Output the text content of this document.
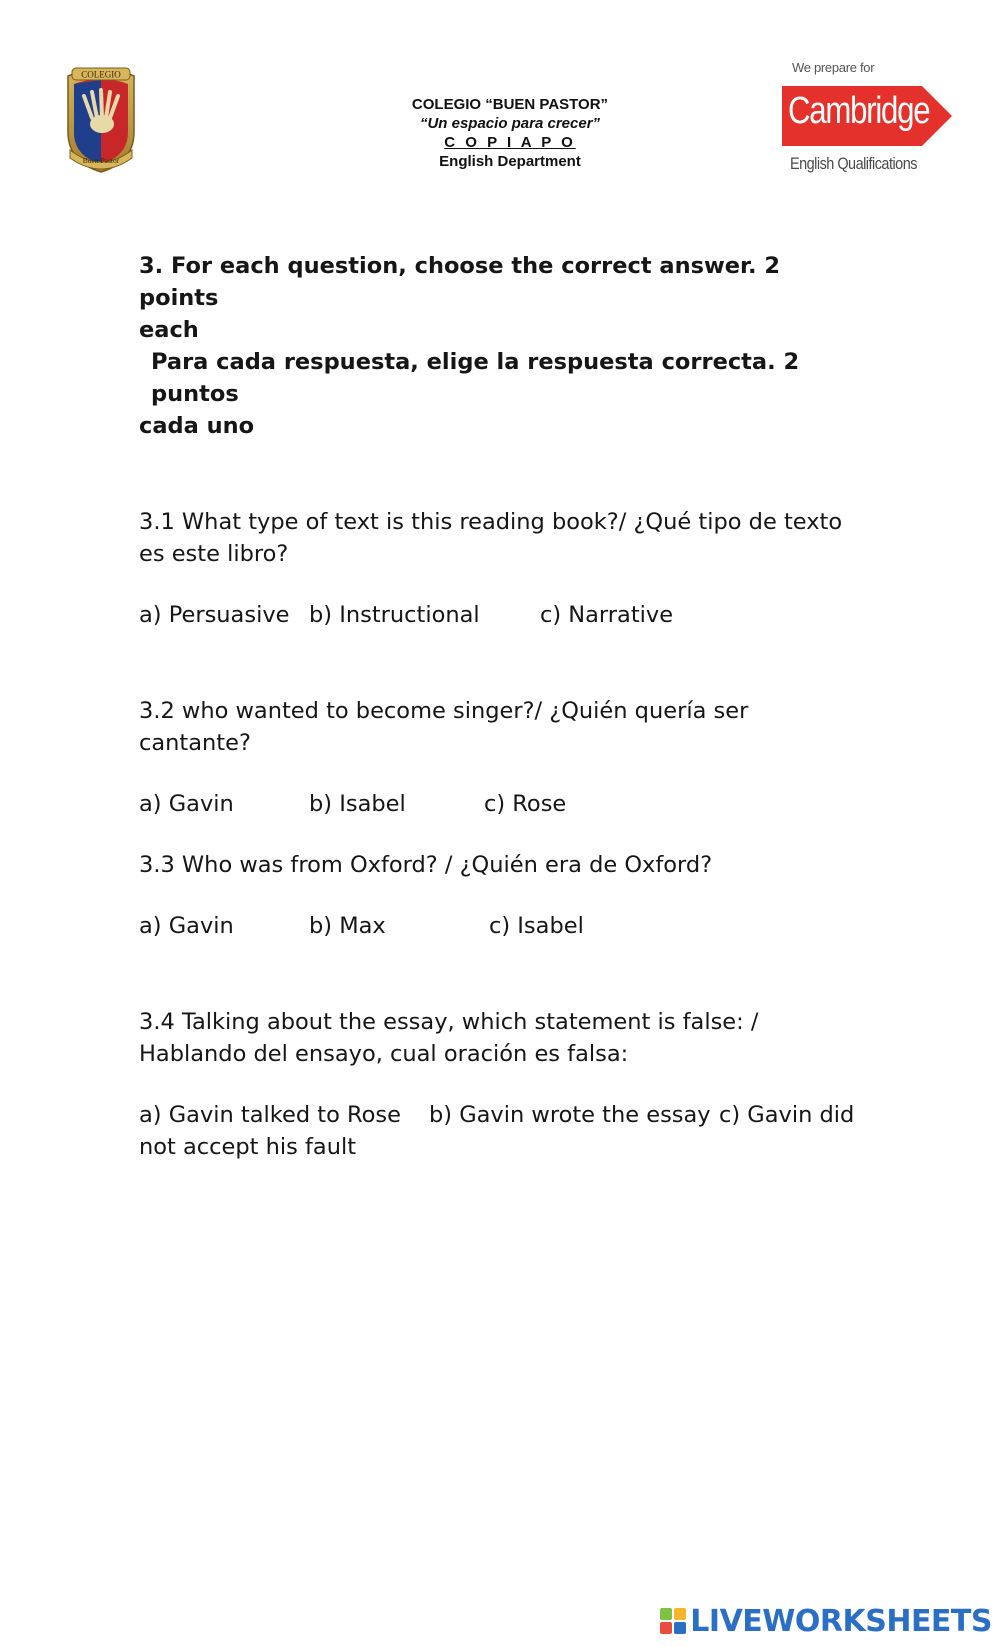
COLEGIO
Buen Pastor
COLEGIO “BUEN PASTOR”
“Un espacio para crecer”
C O P I A P O
English Department
We prepare for
Cambridge
English Qualifications
3. For each question, choose the correct answer. 2 points
each
Para cada respuesta, elige la respuesta correcta. 2 puntos
cada uno
3.1 What type of text is this reading book?/ ¿Qué tipo de texto
es este libro?
a) Persuasive b) Instructional	c) Narrative
3.2 who wanted to become singer?/ ¿Quién quería ser
cantante?
a) Gavin	b) Isabel	c) Rose
3.3 Who was from Oxford? / ¿Quién era de Oxford?
a) Gavin	b) Max	c) Isabel
3.4 Talking about the essay, which statement is false: /
Hablando del ensayo, cual oración es falsa:
a) Gavin talked to Rose b) Gavin wrote the essay c) Gavin did
not accept his fault
LIVEWORKSHEETS
